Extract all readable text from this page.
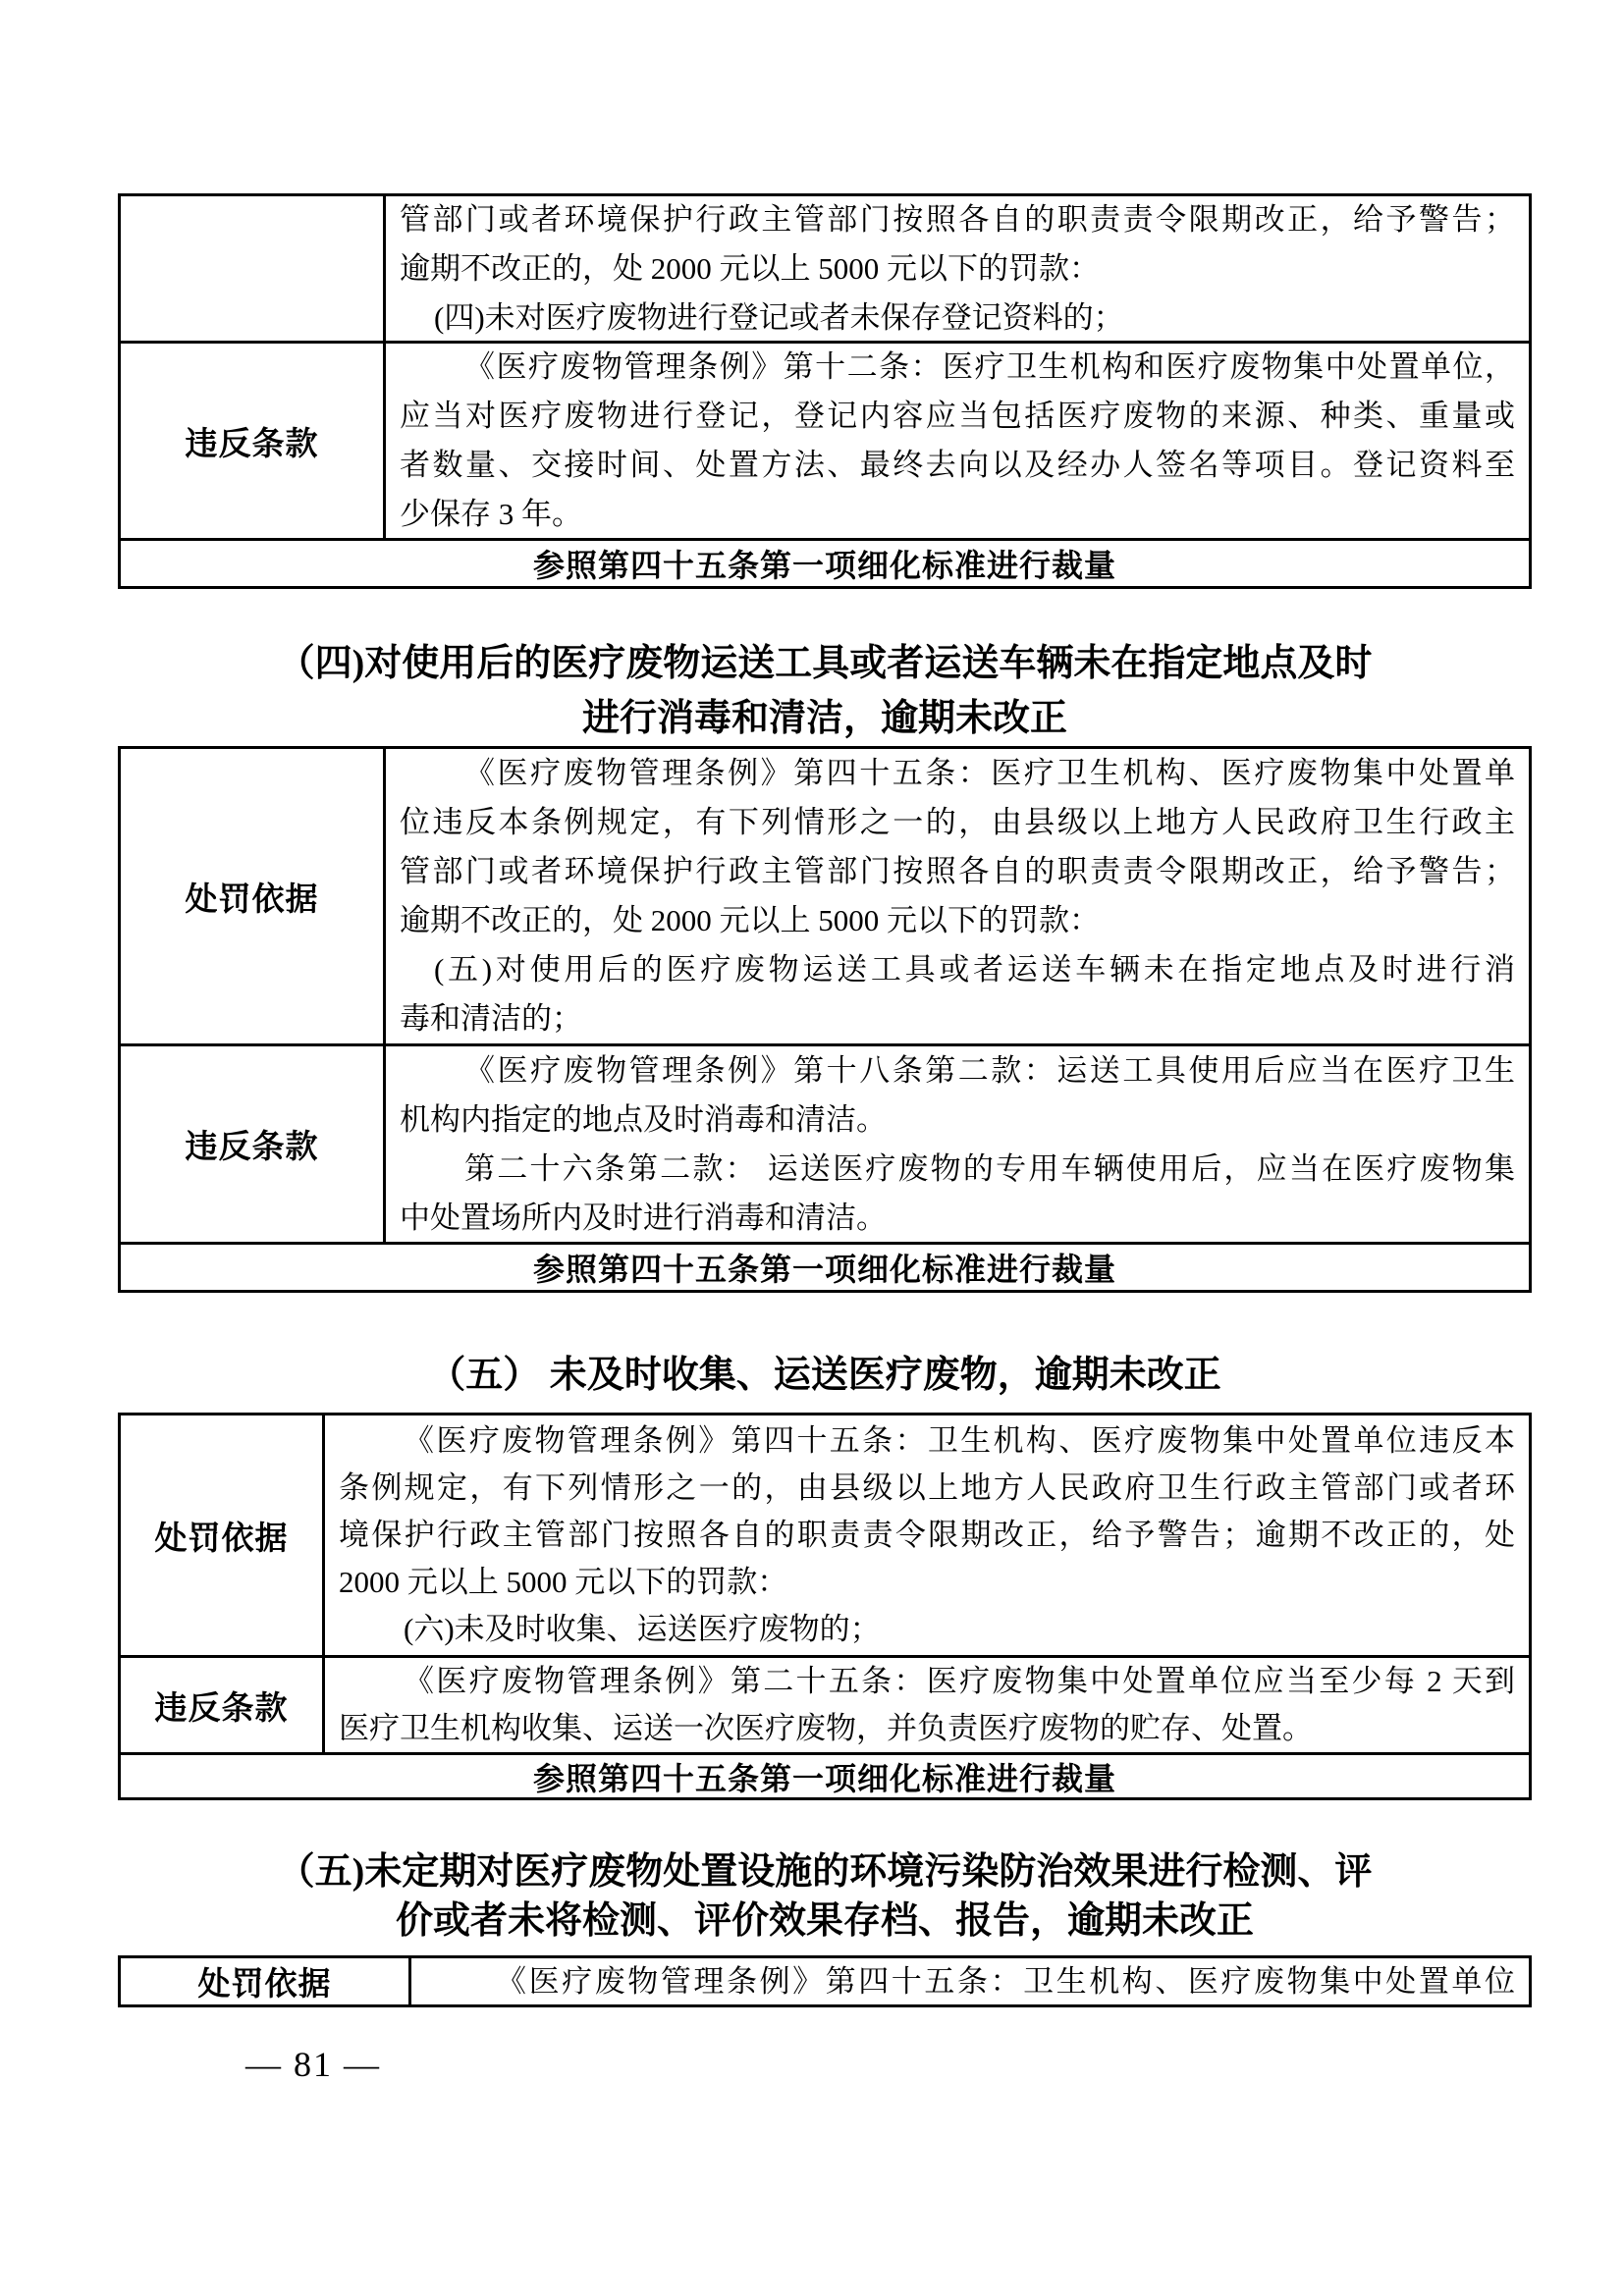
管部门或者环境保护行政主管部门按照各自的职责责令限期改正，给予警告；
逾期不改正的，处 2000 元以上 5000 元以下的罚款：
(四)未对医疗废物进行登记或者未保存登记资料的；
违反条款
《医疗废物管理条例》第十二条：医疗卫生机构和医疗废物集中处置单位，
应当对医疗废物进行登记，登记内容应当包括医疗废物的来源、种类、重量或
者数量、交接时间、处置方法、最终去向以及经办人签名等项目。登记资料至
少保存 3 年。
参照第四十五条第一项细化标准进行裁量
（四)对使用后的医疗废物运送工具或者运送车辆未在指定地点及时
进行消毒和清洁，逾期未改正
处罚依据
《医疗废物管理条例》第四十五条：医疗卫生机构、医疗废物集中处置单
位违反本条例规定，有下列情形之一的，由县级以上地方人民政府卫生行政主
管部门或者环境保护行政主管部门按照各自的职责责令限期改正，给予警告；
逾期不改正的，处 2000 元以上 5000 元以下的罚款：
(五)对使用后的医疗废物运送工具或者运送车辆未在指定地点及时进行消
毒和清洁的；
违反条款
《医疗废物管理条例》第十八条第二款：运送工具使用后应当在医疗卫生
机构内指定的地点及时消毒和清洁。
第二十六条第二款： 运送医疗废物的专用车辆使用后，应当在医疗废物集
中处置场所内及时进行消毒和清洁。
参照第四十五条第一项细化标准进行裁量
（五） 未及时收集、运送医疗废物，逾期未改正
处罚依据
《医疗废物管理条例》第四十五条：卫生机构、医疗废物集中处置单位违反本
条例规定，有下列情形之一的，由县级以上地方人民政府卫生行政主管部门或者环
境保护行政主管部门按照各自的职责责令限期改正，给予警告；逾期不改正的，处
2000 元以上 5000 元以下的罚款：
(六)未及时收集、运送医疗废物的；
违反条款
《医疗废物管理条例》第二十五条：医疗废物集中处置单位应当至少每 2 天到
医疗卫生机构收集、运送一次医疗废物，并负责医疗废物的贮存、处置。
参照第四十五条第一项细化标准进行裁量
（五)未定期对医疗废物处置设施的环境污染防治效果进行检测、评
价或者未将检测、评价效果存档、报告，逾期未改正
处罚依据	《医疗废物管理条例》第四十五条：卫生机构、医疗废物集中处置单位
— 81 —
